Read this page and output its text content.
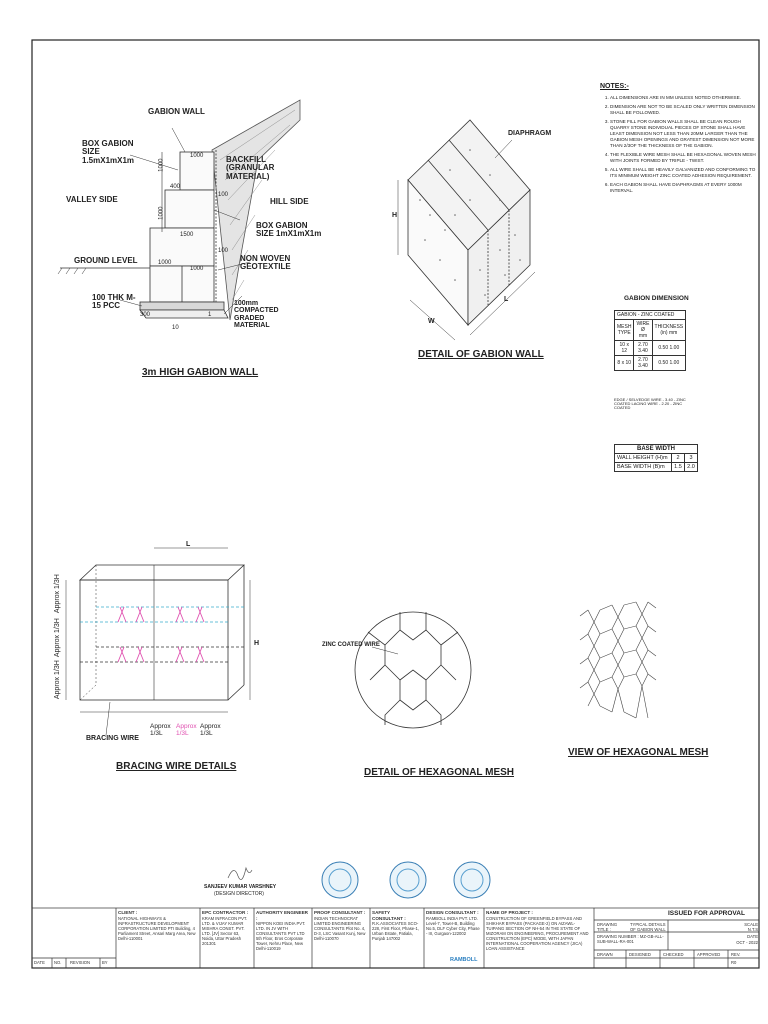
GABION WALL
BOX GABION SIZE 1.5mX1mX1m	BACKFILL (GRANULAR MATERIAL)
VALLEY SIDE	HILL SIDE
BOX GABION SIZE 1mX1mX1m
GROUND LEVEL	NON WOVEN GEOTEXTILE
100 THK M-15 PCC	100mm COMPACTED GRADED MATERIAL
1000
1000
400
100
1000
1500
100
1000
1000
300
10
1
3m HIGH GABION WALL
DIAPHRAGM
H
W
L
DETAIL OF GABION WALL
NOTES:-
1. ALL DIMENSIONS ARE IN MM UNLESS NOTED OTHERWISE.
2. DIMENSION ARE NOT TO BE SCALED ONLY WRITTEN DIMENSION SHALL BE FOLLOWED.
3. STONE FILL FOR GABION WALLS SHALL BE CLEAN ROUGH QUARRY STONE INDIVIDUAL PIECES OF STONE SHALL HAVE LEAST DIMENSION NOT LESS THAN 20MM LARGER THAN THE GABION MESH OPENINGS AND GRATEST DIMENSION NOT MORE THAN 2/3OF THE THICKNESS OF THE GABION.
4. THE FLEXIBLE WIRE MESH SHALL BE HEXAGONAL WOVEN MESH WITH JOINTS FORMED BY TRIPLE - TWIST.
5. ALL WIRE SHALL BE HEAVILY GALVANIZED AND CONFORMING TO ITS MINIMUM WEIGHT ZINC COATED ADHESION REQUIREMENT.
6. EACH GABION SHALL HAVE DIAPHRAGMS AT EVERY 1000M INTERVAL.
GABION DIMENSION
GABION - ZINC COATED		
MESH TYPE	WIRE Ø mm	THICKNESS (in) mm
10 x 12	2.70 3.40	0.50 1.00
8 x 10	2.70 3.40	0.50 1.00
EDGE / SELVEDGE WIRE - 3.40 - ZINC COATED LACING WIRE - 2.20 - ZINC COATED
BASE WIDTH		
WALL HEIGHT (H)m	2	3
BASE WIDTH (B)m	1.5	2.0
L
H
Approx 1/3H
Approx 1/3H
Approx 1/3H
BRACING WIRE
Approx 1/3L
Approx 1/3L
Approx 1/3L
BRACING WIRE DETAILS
ZINC COATED WIRE
DETAIL OF HEXAGONAL MESH
VIEW OF HEXAGONAL MESH
SANJEEV KUMAR VARSHNEY
(DESIGN DIRECTOR)
ISSUED FOR APPROVAL
CLIENT :
NATIONAL HIGHWAYS & INFRASTRUCTURE DEVELOPMENT CORPORATION LIMITED PTI Building, 4 Parliament Street, Ansari Marg Area, New Delhi-110001
EPC CONTRACTOR :
KRAM INFRACON PVT. LTD. & VIJAY KUMAR MISHRA CONST. PVT. LTD. [JV] Sector 63, Noida, Uttar Pradesh 201301
AUTHORITY ENGINEER :
NIPPON KOEI INDIA PVT. LTD. IN JV WITH CONSULTANTS PVT LTD 5th Floor, Eros Corporate Tower, Nehru Place, New Delhi-110019
PROOF CONSULTANT :
INDIAN TECHNOCRAT LIMITED ENGINEERING CONSULTANTS Plot No. 4, D-3, LSC Vasant Kunj, New Delhi-110070
SAFETY CONSULTANT :
R.K.ASSOCIATES SCO-228, First Floor, Phase-1, Urban Estate, Patiala, Punjab 147002
DESIGN CONSULTANT :
RAMBOLL INDIA PVT. LTD. Level-7, Tower-B, Building No.5, DLF Cyber City, Phase - III, Gurgaon-122002
RAMBOLL
NAME OF PROJECT :
CONSTRUCTION OF GREENFIELD BYPASS AND SHIKHAR BYPASS (PACKAGE-2) ON AIZAWL-TUIPANG SECTION OF NH-54 IN THE STATE OF MIZORAM ON ENGINEERING, PROCUREMENT AND CONSTRUCTION (EPC) MODE, WITH JAPAN INTERNATIONAL COOPERATION AGENCY (JICA) LOAN ASSISTANCE
DRAWING TITLE :
TYPICAL DETAILS OF GABION WALL
SCALE
N.T.S
DRAWING NUMBER : MZ-GB-ALL-SUB-WALL-RA-001
DATE
OCT - 2022
DRAWN	DESIGNED	CHECKED	APPROVED	REV.
R0
DATE	NO.	REVISION	BY
